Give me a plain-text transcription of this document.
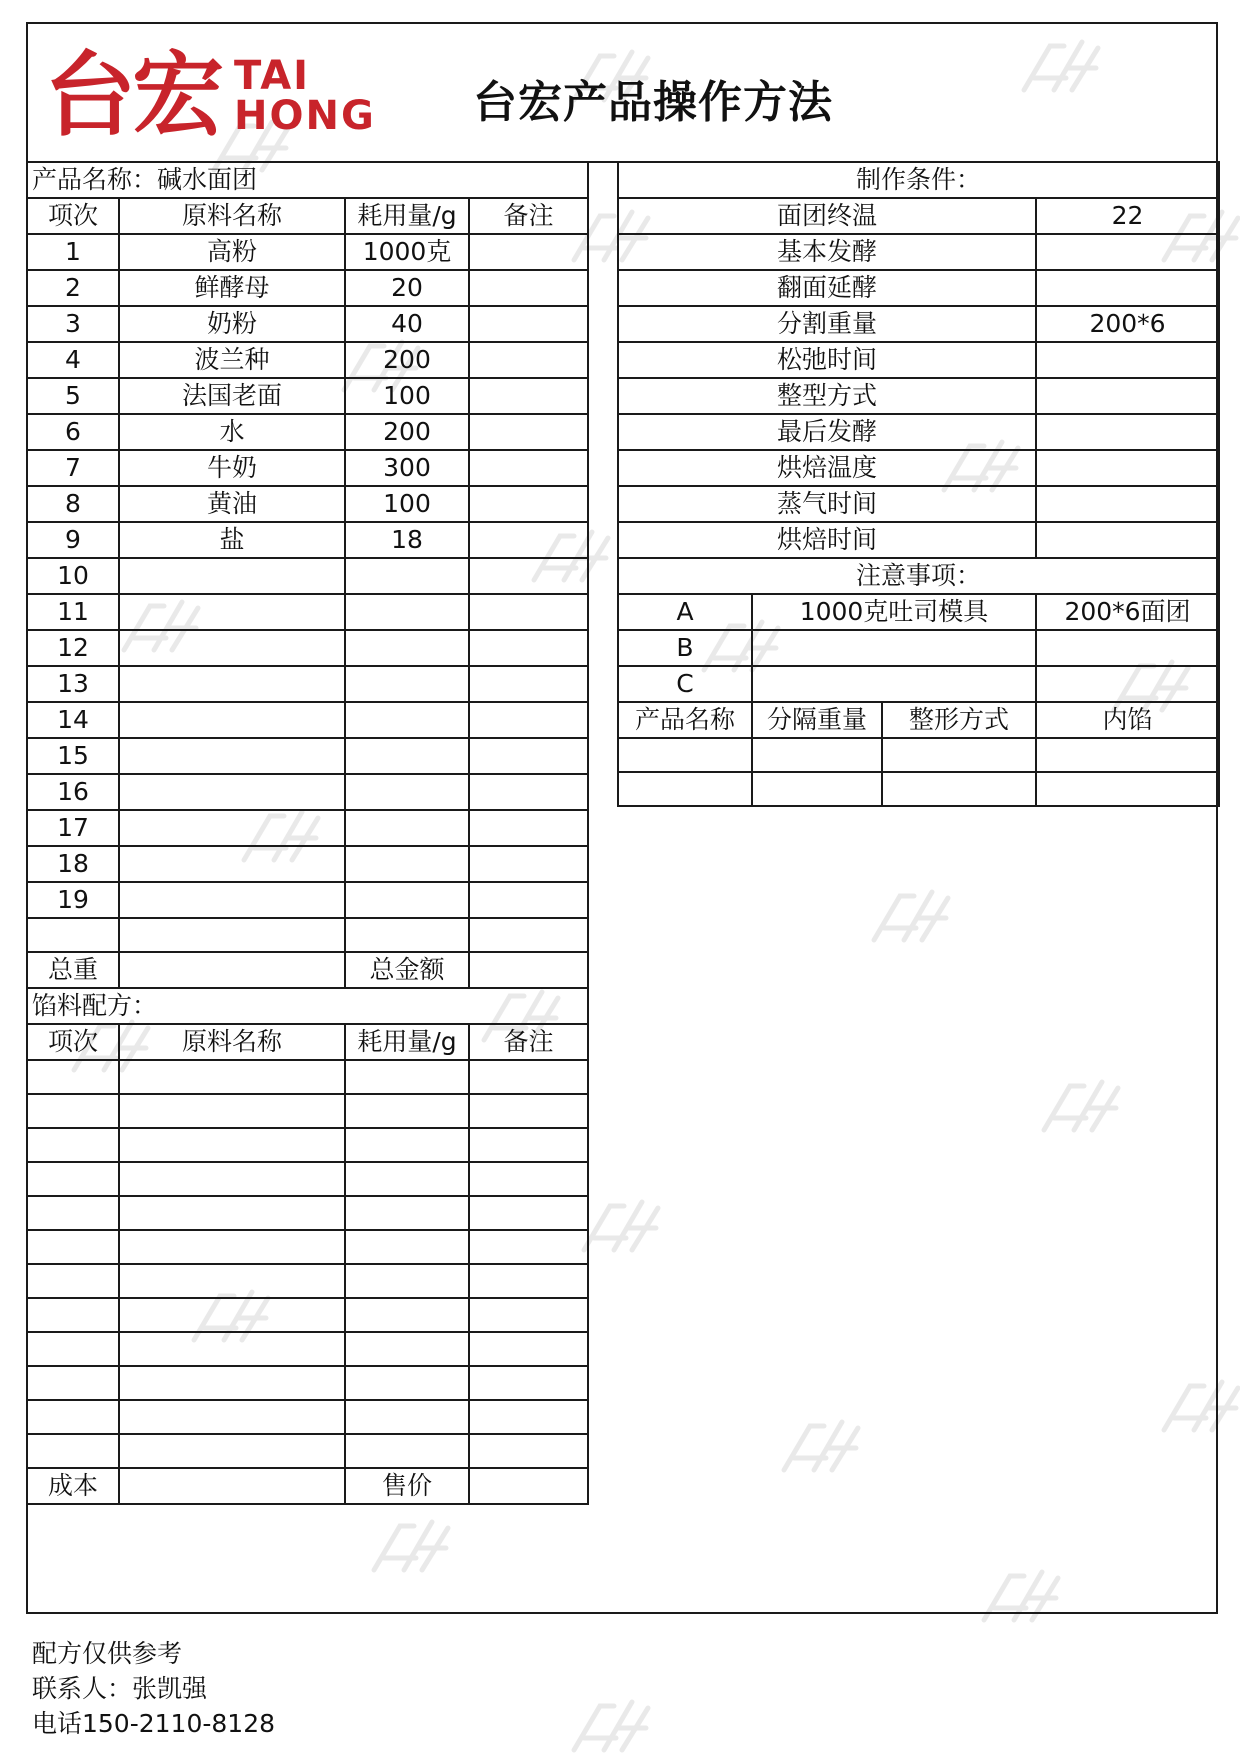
台宏 TAI
HONG 台宏产品操作方法
产品名称：碱水面团			
项次	原料名称	耗用量/g	备注
1	高粉	1000克	
2	鲜酵母	20	
3	奶粉	40	
4	波兰种	200	
5	法国老面	100	
6	水	200	
7	牛奶	300	
8	黄油	100	
9	盐	18	
10			
11			
12			
13			
14			
15			
16			
17			
18			
19			

总重		总金额	
馅料配方：			
项次	原料名称	耗用量/g	备注

成本		售价	
制作条件：			
面团终温			22
基本发酵			
翻面延酵			
分割重量			200*6
松弛时间			
整型方式			
最后发酵			
烘焙温度			
蒸气时间			
烘焙时间			
注意事项：			
A	1000克吐司模具		200*6面团
B			
C			
产品名称	分隔重量	整形方式	内馅

配方仅供参考
联系人：张凯强
电话150-2110-8128
